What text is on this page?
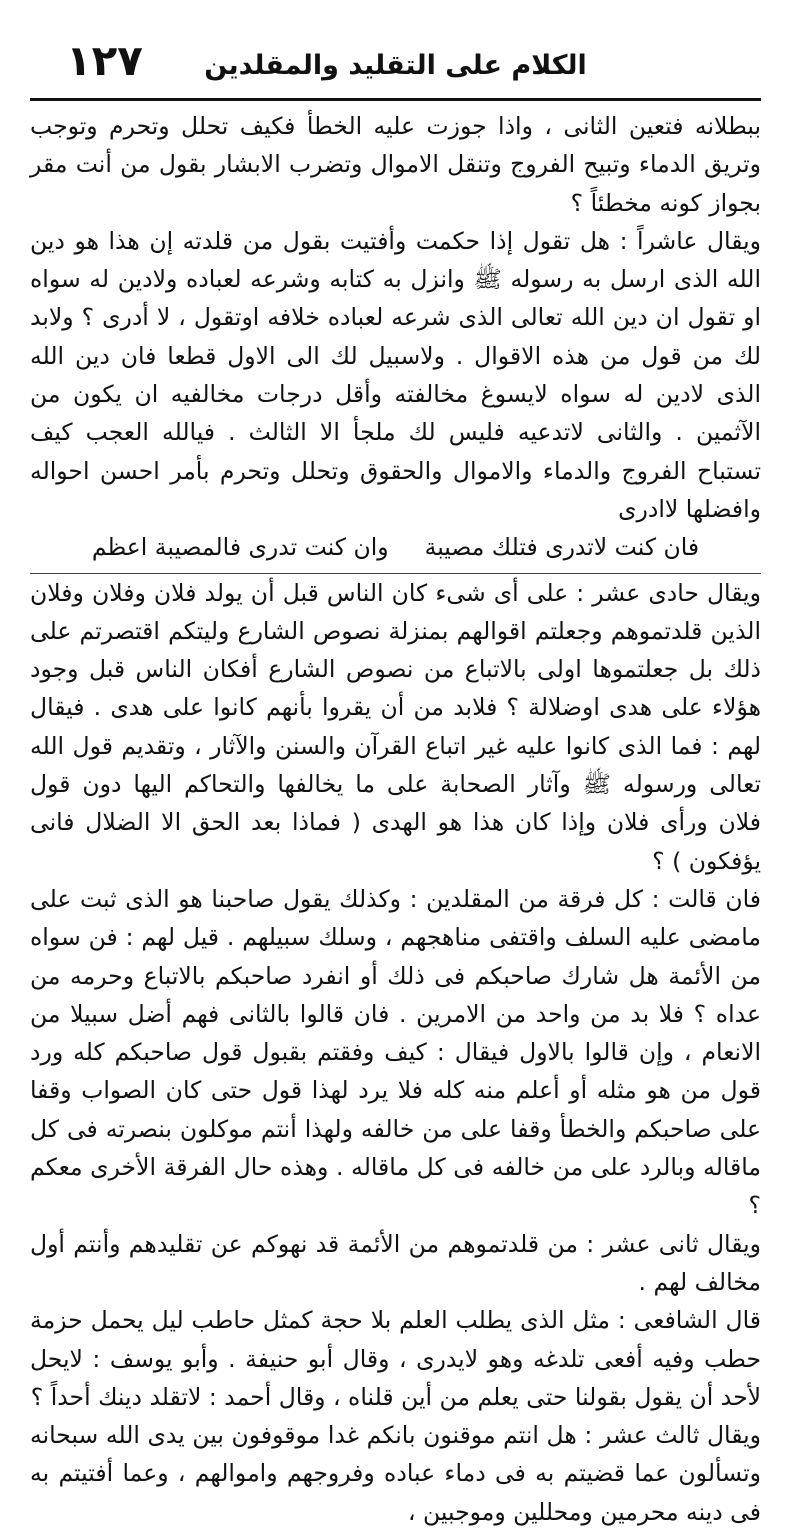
١٢٧	الكلام على التقليد والمقلدين

ببطلانه فتعين الثانى ، واذا جوزت عليه الخطأ فكيف تحلل وتحرم وتوجب وتريق الدماء وتبيح الفروج وتنقل الاموال وتضرب الابشار بقول من أنت مقر بجواز كونه مخطئاً ؟

ويقال عاشراً : هل تقول إذا حكمت وأفتيت بقول من قلدته إن هذا هو دين الله الذى ارسل به رسوله ﷺ وانزل به كتابه وشرعه لعباده ولادين له سواه او تقول ان دين الله تعالى الذى شرعه لعباده خلافه اوتقول ، لا أدرى ؟ ولابد لك من قول من هذه الاقوال . ولاسبيل لك الى الاول قطعا فان دين الله الذى لادين له سواه لايسوغ مخالفته وأقل درجات مخالفيه ان يكون من الآثمين . والثانى لاتدعيه فليس لك ملجأ الا الثالث . فيالله العجب كيف تستباح الفروج والدماء والاموال والحقوق وتحلل وتحرم بأمر احسن احواله وافضلها لاادرى

فان كنت لاتدرى فتلك مصيبة
وان كنت تدرى فالمصيبة اعظم

ويقال حادى عشر : على أى شىء كان الناس قبل أن يولد فلان وفلان وفلان الذين قلدتموهم وجعلتم اقوالهم بمنزلة نصوص الشارع وليتكم اقتصرتم على ذلك بل جعلتموها اولى بالاتباع من نصوص الشارع أفكان الناس قبل وجود هؤلاء على هدى اوضلالة ؟ فلابد من أن يقروا بأنهم كانوا على هدى . فيقال لهم : فما الذى كانوا عليه غير اتباع القرآن والسنن والآثار ، وتقديم قول الله تعالى ورسوله ﷺ وآثار الصحابة على ما يخالفها والتحاكم اليها دون قول فلان ورأى فلان وإذا كان هذا هو الهدى ( فماذا بعد الحق الا الضلال فانى يؤفكون ) ؟

فان قالت : كل فرقة من المقلدين : وكذلك يقول صاحبنا هو الذى ثبت على مامضى عليه السلف واقتفى مناهجهم ، وسلك سبيلهم . قيل لهم : فن سواه من الأئمة هل شارك صاحبكم فى ذلك أو انفرد صاحبكم بالاتباع وحرمه من عداه ؟ فلا بد من واحد من الامرين . فان قالوا بالثانى فهم أضل سبيلا من الانعام ، وإن قالوا بالاول فيقال : كيف وفقتم بقبول قول صاحبكم كله ورد قول من هو مثله أو أعلم منه كله فلا يرد لهذا قول حتى كان الصواب وقفا على صاحبكم والخطأ وقفا على من خالفه ولهذا أنتم موكلون بنصرته فى كل ماقاله وبالرد على من خالفه فى كل ماقاله . وهذه حال الفرقة الأخرى معكم ؟

ويقال ثانى عشر : من قلدتموهم من الأئمة قد نهوكم عن تقليدهم وأنتم أول مخالف لهم .

قال الشافعى : مثل الذى يطلب العلم بلا حجة كمثل حاطب ليل يحمل حزمة حطب وفيه أفعى تلدغه وهو لايدرى ، وقال أبو حنيفة . وأبو يوسف : لايحل لأحد أن يقول بقولنا حتى يعلم من أين قلناه ، وقال أحمد : لاتقلد دينك أحداً ؟

ويقال ثالث عشر : هل انتم موقنون بانكم غدا موقوفون بين يدى الله سبحانه وتسألون عما قضيتم به فى دماء عباده وفروجهم واموالهم ، وعما أفتيتم به فى دينه محرمين ومحللين وموجبين ،
